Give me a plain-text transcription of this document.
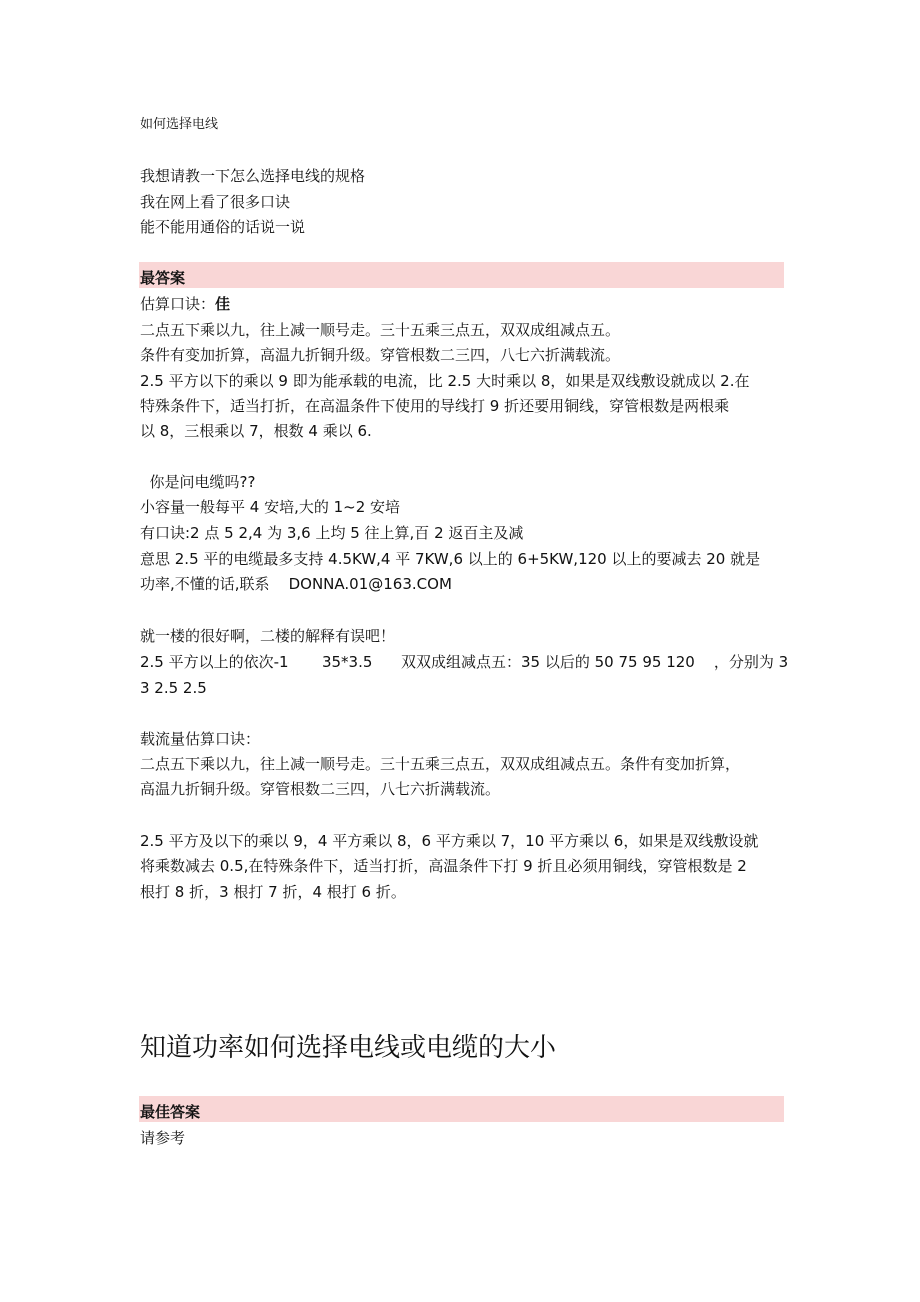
如何选择电线
我想请教一下怎么选择电线的规格
我在网上看了很多口诀
能不能用通俗的话说一说
最答案
估算口诀：佳
二点五下乘以九，往上减一顺号走。三十五乘三点五，双双成组减点五。
条件有变加折算，高温九折铜升级。穿管根数二三四，八七六折满载流。
2.5 平方以下的乘以 9 即为能承载的电流，比 2.5 大时乘以 8，如果是双线敷设就成以 2.在
特殊条件下，适当打折，在高温条件下使用的导线打 9 折还要用铜线，穿管根数是两根乘
以 8，三根乘以 7，根数 4 乘以 6.
你是问电缆吗??
小容量一般每平 4 安培,大的 1~2 安培
有口诀:2 点 5 2,4 为 3,6 上均 5 往上算,百 2 返百主及减
意思 2.5 平的电缆最多支持 4.5KW,4 平 7KW,6 以上的 6+5KW,120 以上的要减去 20 就是
功率,不懂的话,联系    DONNA.01@163.COM
就一楼的很好啊，二楼的解释有误吧！
2.5 平方以上的依次-1       35*3.5      双双成组减点五：35 以后的 50 75 95 120    ，分别为 3
3 2.5 2.5
载流量估算口诀：
二点五下乘以九，往上减一顺号走。三十五乘三点五，双双成组减点五。条件有变加折算，
高温九折铜升级。穿管根数二三四，八七六折满载流。
2.5 平方及以下的乘以 9，4 平方乘以 8，6 平方乘以 7，10 平方乘以 6，如果是双线敷设就
将乘数减去 0.5,在特殊条件下，适当打折，高温条件下打 9 折且必须用铜线，穿管根数是 2
根打 8 折，3 根打 7 折，4 根打 6 折。
知道功率如何选择电线或电缆的大小
最佳答案
请参考
